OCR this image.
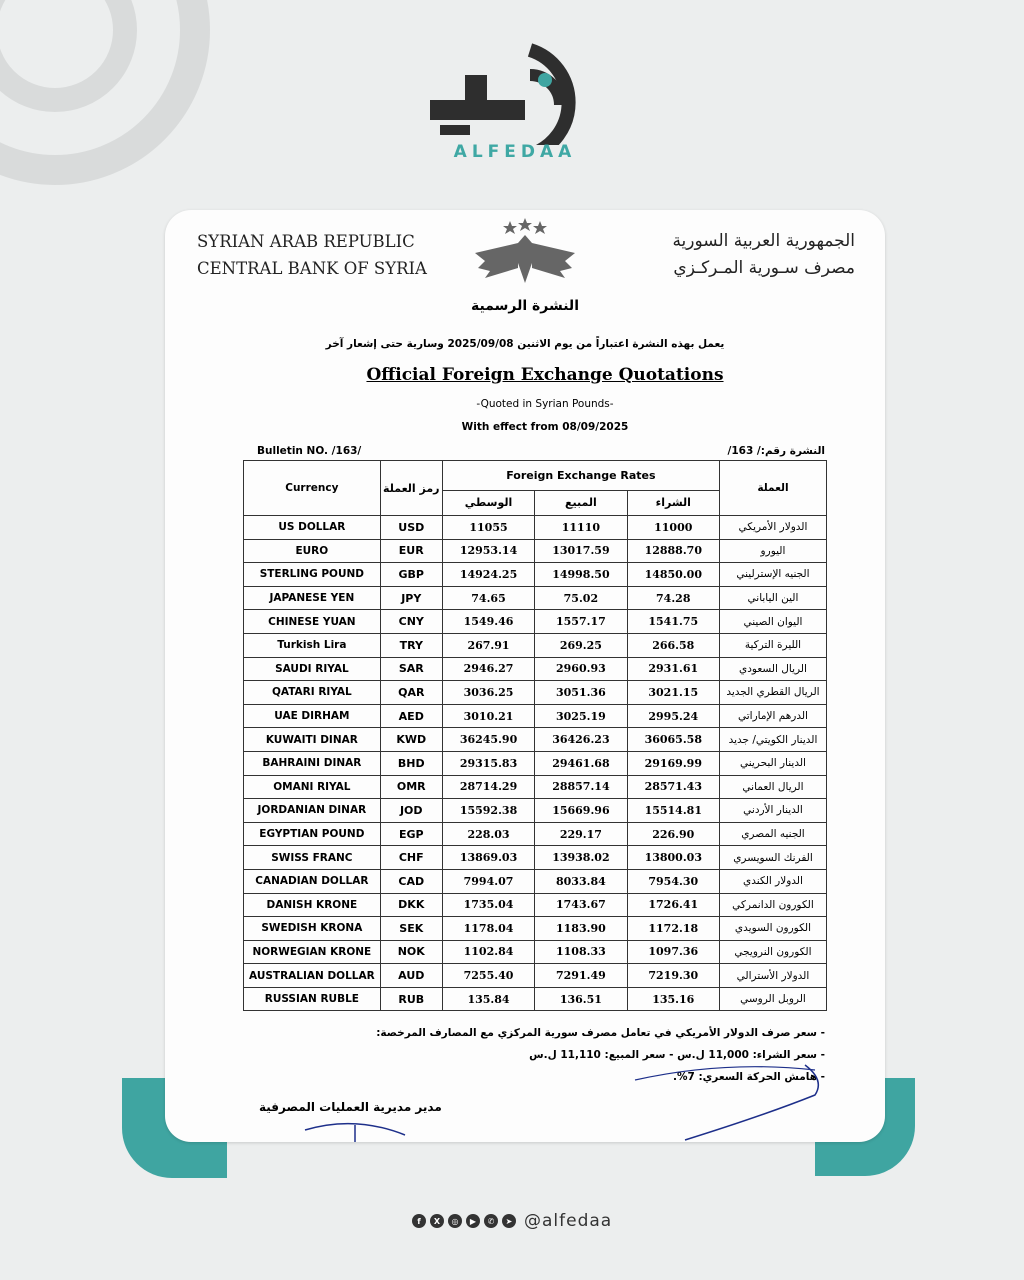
ALFEDAA
SYRIAN ARAB REPUBLIC
CENTRAL BANK OF SYRIA
الجمهورية العربية السورية
مصرف سـورية المـركـزي
النشرة الرسمية
يعمل بهذه النشرة اعتباراً من يوم الاثنين 2025/09/08 وسارية حتى إشعار آخر
Official Foreign Exchange Quotations
-Quoted in Syrian Pounds-
With effect from 08/09/2025
Bulletin NO. /163/	النشرة رقم:/ 163/
Currency	رمز العملة	Foreign Exchange Rates			العملة
		الوسطي	المبيع	الشراء	
US DOLLAR	USD	11055	11110	11000	الدولار الأمريكي
EURO	EUR	12953.14	13017.59	12888.70	اليورو
STERLING POUND	GBP	14924.25	14998.50	14850.00	الجنيه الإسترليني
JAPANESE YEN	JPY	74.65	75.02	74.28	الين الياباني
CHINESE YUAN	CNY	1549.46	1557.17	1541.75	اليوان الصيني
Turkish Lira	TRY	267.91	269.25	266.58	الليرة التركية
SAUDI RIYAL	SAR	2946.27	2960.93	2931.61	الريال السعودي
QATARI RIYAL	QAR	3036.25	3051.36	3021.15	الريال القطري الجديد
UAE DIRHAM	AED	3010.21	3025.19	2995.24	الدرهم الإماراتي
KUWAITI DINAR	KWD	36245.90	36426.23	36065.58	الدينار الكويتي/ جديد
BAHRAINI DINAR	BHD	29315.83	29461.68	29169.99	الدينار البحريني
OMANI RIYAL	OMR	28714.29	28857.14	28571.43	الريال العماني
JORDANIAN DINAR	JOD	15592.38	15669.96	15514.81	الدينار الأردني
EGYPTIAN POUND	EGP	228.03	229.17	226.90	الجنيه المصري
SWISS FRANC	CHF	13869.03	13938.02	13800.03	الفرنك السويسري
CANADIAN DOLLAR	CAD	7994.07	8033.84	7954.30	الدولار الكندي
DANISH KRONE	DKK	1735.04	1743.67	1726.41	الكورون الدانمركي
SWEDISH KRONA	SEK	1178.04	1183.90	1172.18	الكورون السويدي
NORWEGIAN KRONE	NOK	1102.84	1108.33	1097.36	الكورون النرويجي
AUSTRALIAN DOLLAR	AUD	7255.40	7291.49	7219.30	الدولار الأسترالي
RUSSIAN RUBLE	RUB	135.84	136.51	135.16	الروبل الروسي
- سعر صرف الدولار الأمريكي في تعامل مصرف سورية المركزي مع المصارف المرخصة:
- سعر الشراء: 11,000 ل.س - سعر المبيع: 11,110 ل.س
- هامش الحركة السعري: 7%.
مدير مديرية العمليات المصرفية
f	X	◎	▶	✆	➤ @alfedaa
